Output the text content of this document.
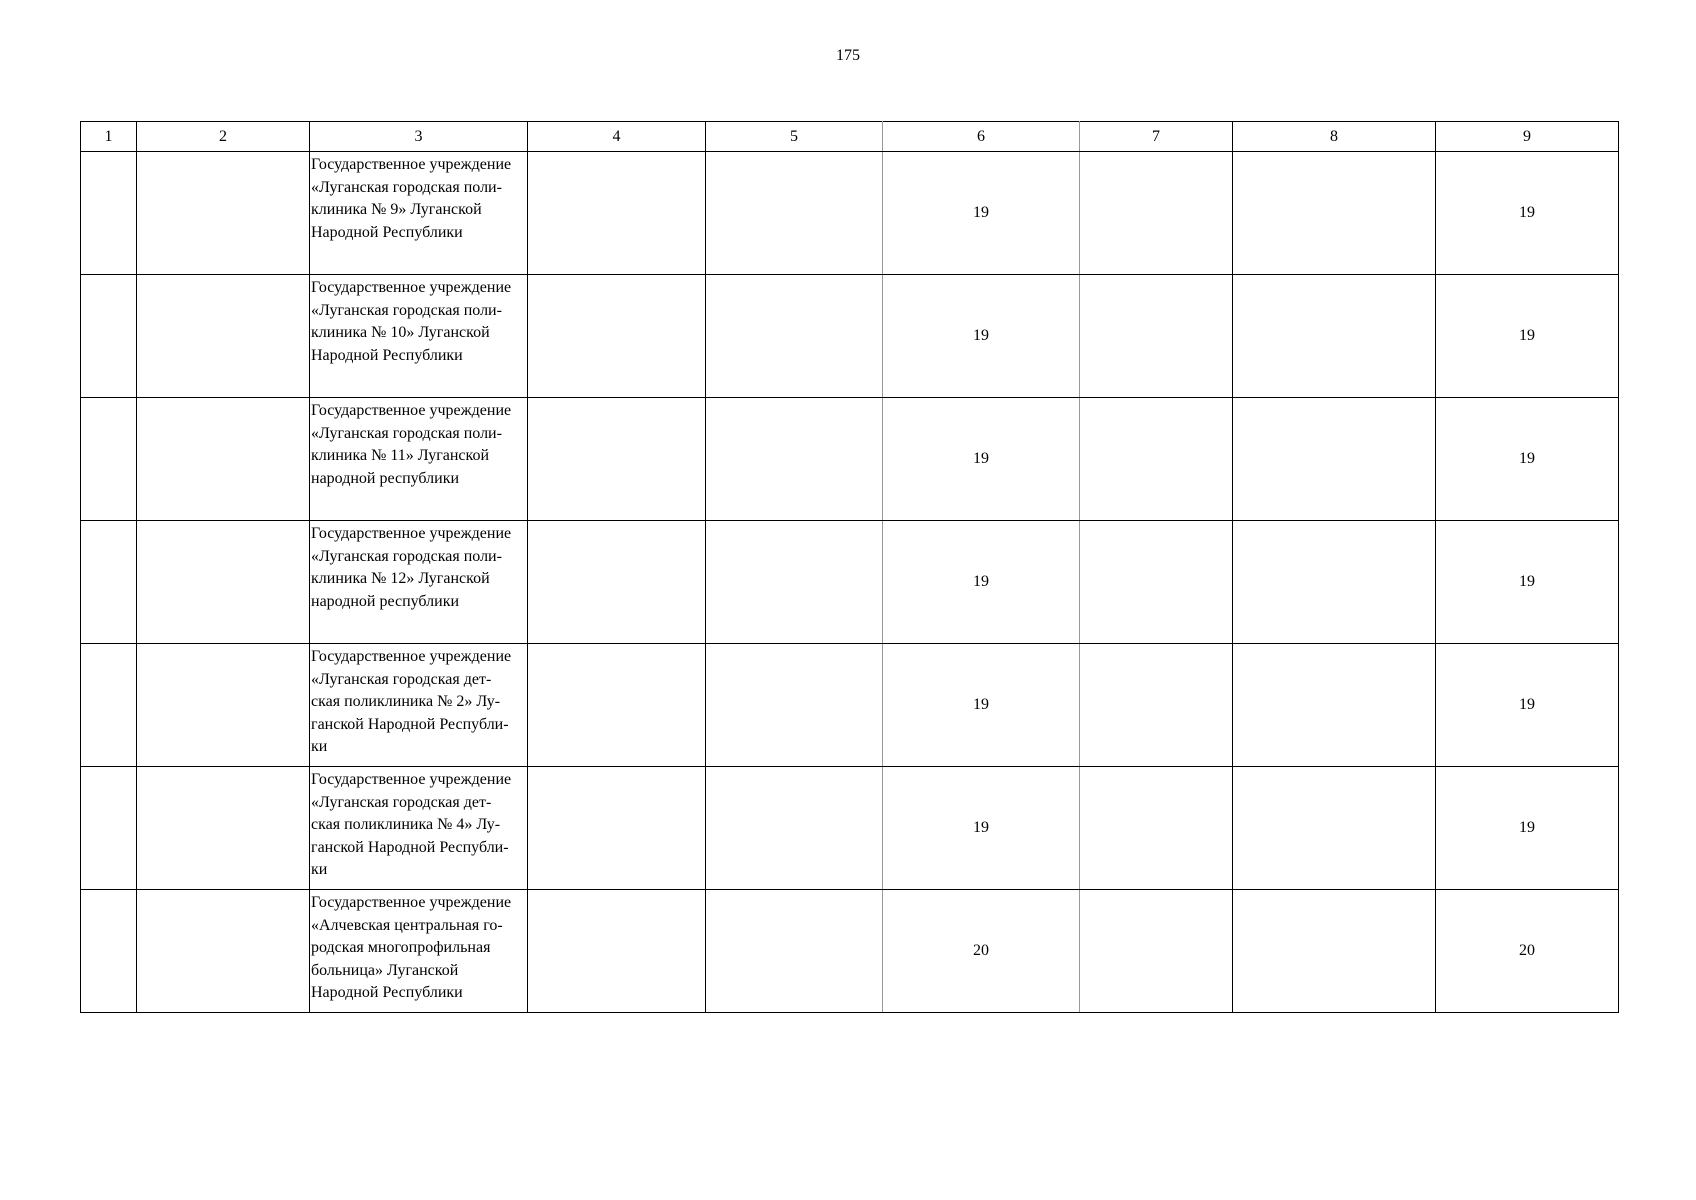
175
1	2	3	4	5	6	7	8	9

		Государственное учреждение
«Луганская городская поли-
клиника № 9» Луганской
Народной Республики			19			19

		Государственное учреждение
«Луганская городская поли-
клиника № 10» Луганской
Народной Республики			19			19

		Государственное учреждение
«Луганская городская поли-
клиника № 11» Луганской
народной республики			19			19

		Государственное учреждение
«Луганская городская поли-
клиника № 12» Луганской
народной республики			19			19

		Государственное учреждение
«Луганская городская дет-
ская поликлиника № 2» Лу-
ганской Народной Республи-
ки			19			19

		Государственное учреждение
«Луганская городская дет-
ская поликлиника № 4» Лу-
ганской Народной Республи-
ки			19			19

		Государственное учреждение
«Алчевская центральная го-
родская многопрофильная
больница» Луганской
Народной Республики			20			20
